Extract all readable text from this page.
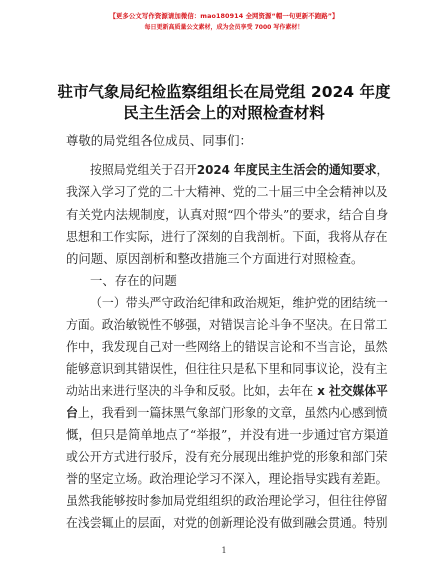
【更多公文写作资源请加微信：mao180914 全网资源“帽一句更新不跑路”】
每日更新高质量公文素材，成为会员享受 7000 写作素材！
驻市气象局纪检监察组组长在局党组 2024 年度
民主生活会上的对照检查材料
尊敬的局党组各位成员、同事们：
按照局党组关于召开2024 年度民主生活会的通知要求，
我深入学习了党的二十大精神、党的二十届三中全会精神以及
有关党内法规制度，认真对照“四个带头”的要求，结合自身
思想和工作实际，进行了深刻的自我剖析。下面，我将从存在
的问题、原因剖析和整改措施三个方面进行对照检查。
一、存在的问题
（一）带头严守政治纪律和政治规矩，维护党的团结统一
方面。政治敏锐性不够强，对错误言论斗争不坚决。在日常工
作中，我发现自己对一些网络上的错误言论和不当言论，虽然
能够意识到其错误性，但往往只是私下里和同事议论，没有主
动站出来进行坚决的斗争和反驳。比如，去年在 x 社交媒体平
台上，我看到一篇抹黑气象部门形象的文章，虽然内心感到愤
慨，但只是简单地点了“举报”，并没有进一步通过官方渠道
或公开方式进行驳斥，没有充分展现出维护党的形象和部门荣
誉的坚定立场。政治理论学习不深入，理论指导实践有差距。
虽然我能够按时参加局党组组织的政治理论学习，但往往停留
在浅尝辄止的层面，对党的创新理论没有做到融会贯通。特别
1
